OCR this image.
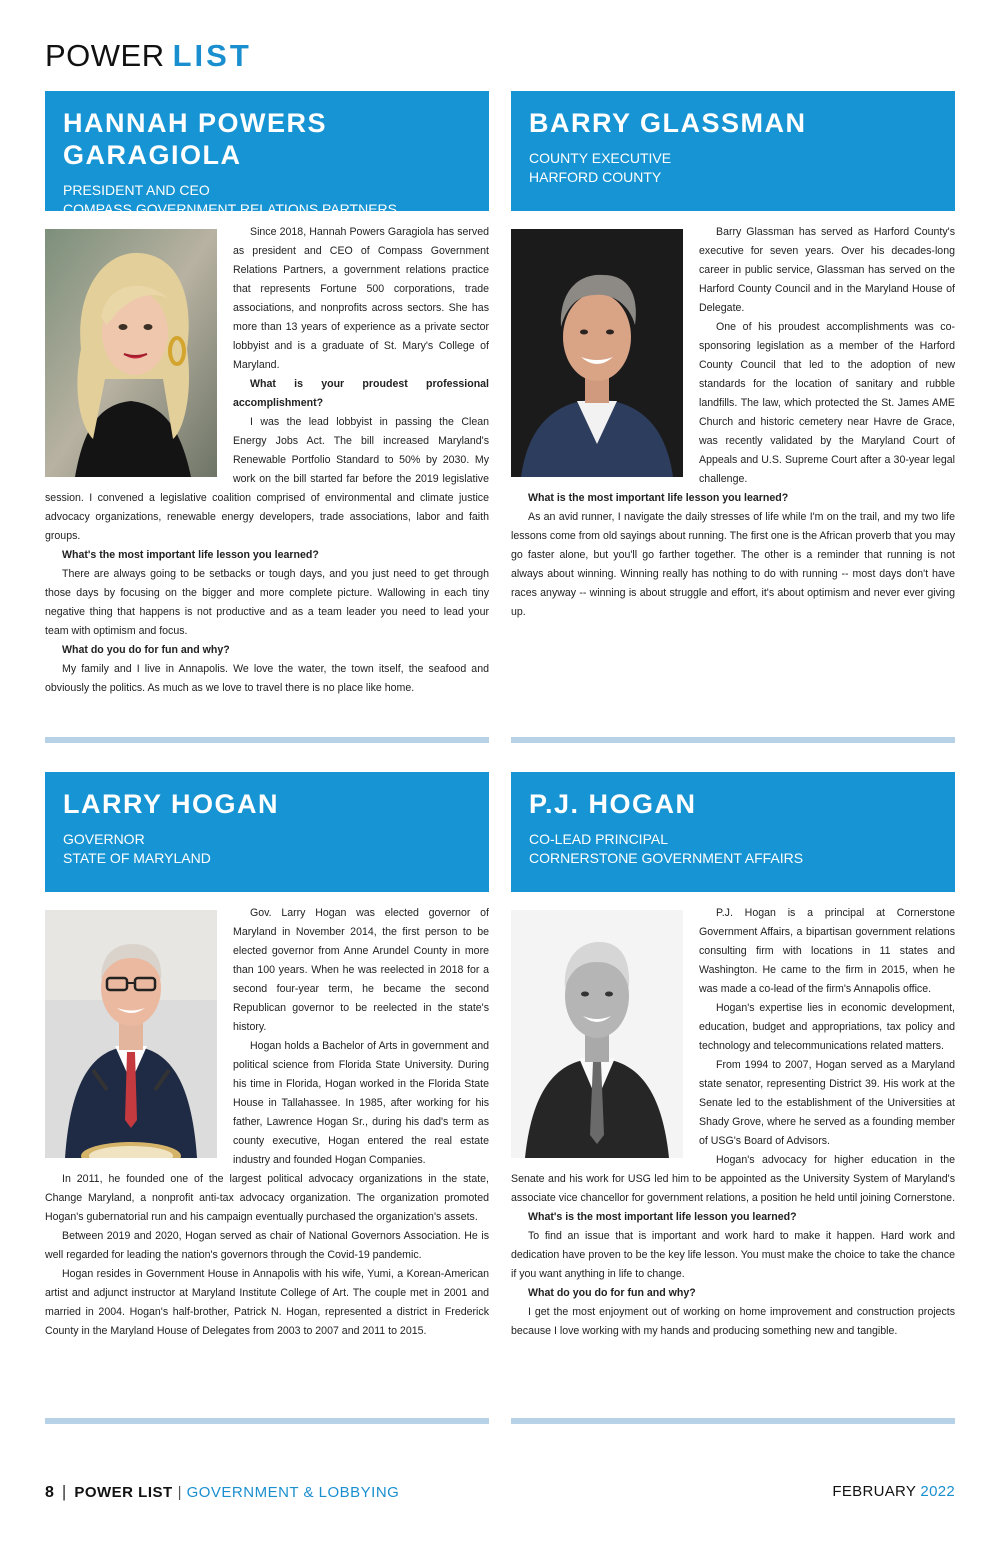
POWER LIST
HANNAH POWERS GARAGIOLA
PRESIDENT AND CEO
COMPASS GOVERNMENT RELATIONS PARTNERS

Since 2018, Hannah Powers Garagiola has served as president and CEO of Compass Government Relations Partners, a government relations practice that represents Fortune 500 corporations, trade associations, and nonprofits across sectors. She has more than 13 years of experience as a private sector lobbyist and is a graduate of St. Mary's College of Maryland.

What is your proudest professional accomplishment?

I was the lead lobbyist in passing the Clean Energy Jobs Act. The bill increased Maryland's Renewable Portfolio Standard to 50% by 2030. My work on the bill started far before the 2019 legislative session. I convened a legislative coalition comprised of environmental and climate justice advocacy organizations, renewable energy developers, trade associations, labor and faith groups.

What's the most important life lesson you learned?

There are always going to be setbacks or tough days, and you just need to get through those days by focusing on the bigger and more complete picture. Wallowing in each tiny negative thing that happens is not productive and as a team leader you need to lead your team with optimism and focus.

What do you do for fun and why?

My family and I live in Annapolis. We love the water, the town itself, the seafood and obviously the politics. As much as we love to travel there is no place like home.

BARRY GLASSMAN
COUNTY EXECUTIVE
HARFORD COUNTY

Barry Glassman has served as Harford County's executive for seven years. Over his decades-long career in public service, Glassman has served on the Harford County Council and in the Maryland House of Delegate.

One of his proudest accomplishments was co-sponsoring legislation as a member of the Harford County Council that led to the adoption of new standards for the location of sanitary and rubble landfills. The law, which protected the St. James AME Church and historic cemetery near Havre de Grace, was recently validated by the Maryland Court of Appeals and U.S. Supreme Court after a 30-year legal challenge.

What is the most important life lesson you learned?

As an avid runner, I navigate the daily stresses of life while I'm on the trail, and my two life lessons come from old sayings about running. The first one is the African proverb that you may go faster alone, but you'll go farther together. The other is a reminder that running is not always about winning. Winning really has nothing to do with running -- most days don't have races anyway -- winning is about struggle and effort, it's about optimism and never ever giving up.

LARRY HOGAN
GOVERNOR
STATE OF MARYLAND

Gov. Larry Hogan was elected governor of Maryland in November 2014, the first person to be elected governor from Anne Arundel County in more than 100 years. When he was reelected in 2018 for a second four-year term, he became the second Republican governor to be reelected in the state's history.

Hogan holds a Bachelor of Arts in government and political science from Florida State University. During his time in Florida, Hogan worked in the Florida State House in Tallahassee. In 1985, after working for his father, Lawrence Hogan Sr., during his dad's term as county executive, Hogan entered the real estate industry and founded Hogan Companies.

In 2011, he founded one of the largest political advocacy organizations in the state, Change Maryland, a nonprofit anti-tax advocacy organization. The organization promoted Hogan's gubernatorial run and his campaign eventually purchased the organization's assets.

Between 2019 and 2020, Hogan served as chair of National Governors Association. He is well regarded for leading the nation's governors through the Covid-19 pandemic.

Hogan resides in Government House in Annapolis with his wife, Yumi, a Korean-American artist and adjunct instructor at Maryland Institute College of Art. The couple met in 2001 and married in 2004. Hogan's half-brother, Patrick N. Hogan, represented a district in Frederick County in the Maryland House of Delegates from 2003 to 2007 and 2011 to 2015.

P.J. HOGAN
CO-LEAD PRINCIPAL
CORNERSTONE GOVERNMENT AFFAIRS

P.J. Hogan is a principal at Cornerstone Government Affairs, a bipartisan government relations consulting firm with locations in 11 states and Washington. He came to the firm in 2015, when he was made a co-lead of the firm's Annapolis office.

Hogan's expertise lies in economic development, education, budget and appropriations, tax policy and technology and telecommunications related matters.

From 1994 to 2007, Hogan served as a Maryland state senator, representing District 39. His work at the Senate led to the establishment of the Universities at Shady Grove, where he served as a founding member of USG's Board of Advisors.

Hogan's advocacy for higher education in the Senate and his work for USG led him to be appointed as the University System of Maryland's associate vice chancellor for government relations, a position he held until joining Cornerstone.

What's is the most important life lesson you learned?

To find an issue that is important and work hard to make it happen. Hard work and dedication have proven to be the key life lesson. You must make the choice to take the chance if you want anything in life to change.

What do you do for fun and why?

I get the most enjoyment out of working on home improvement and construction projects because I love working with my hands and producing something new and tangible.

8 | POWER LIST | GOVERNMENT & LOBBYING	FEBRUARY 2022
